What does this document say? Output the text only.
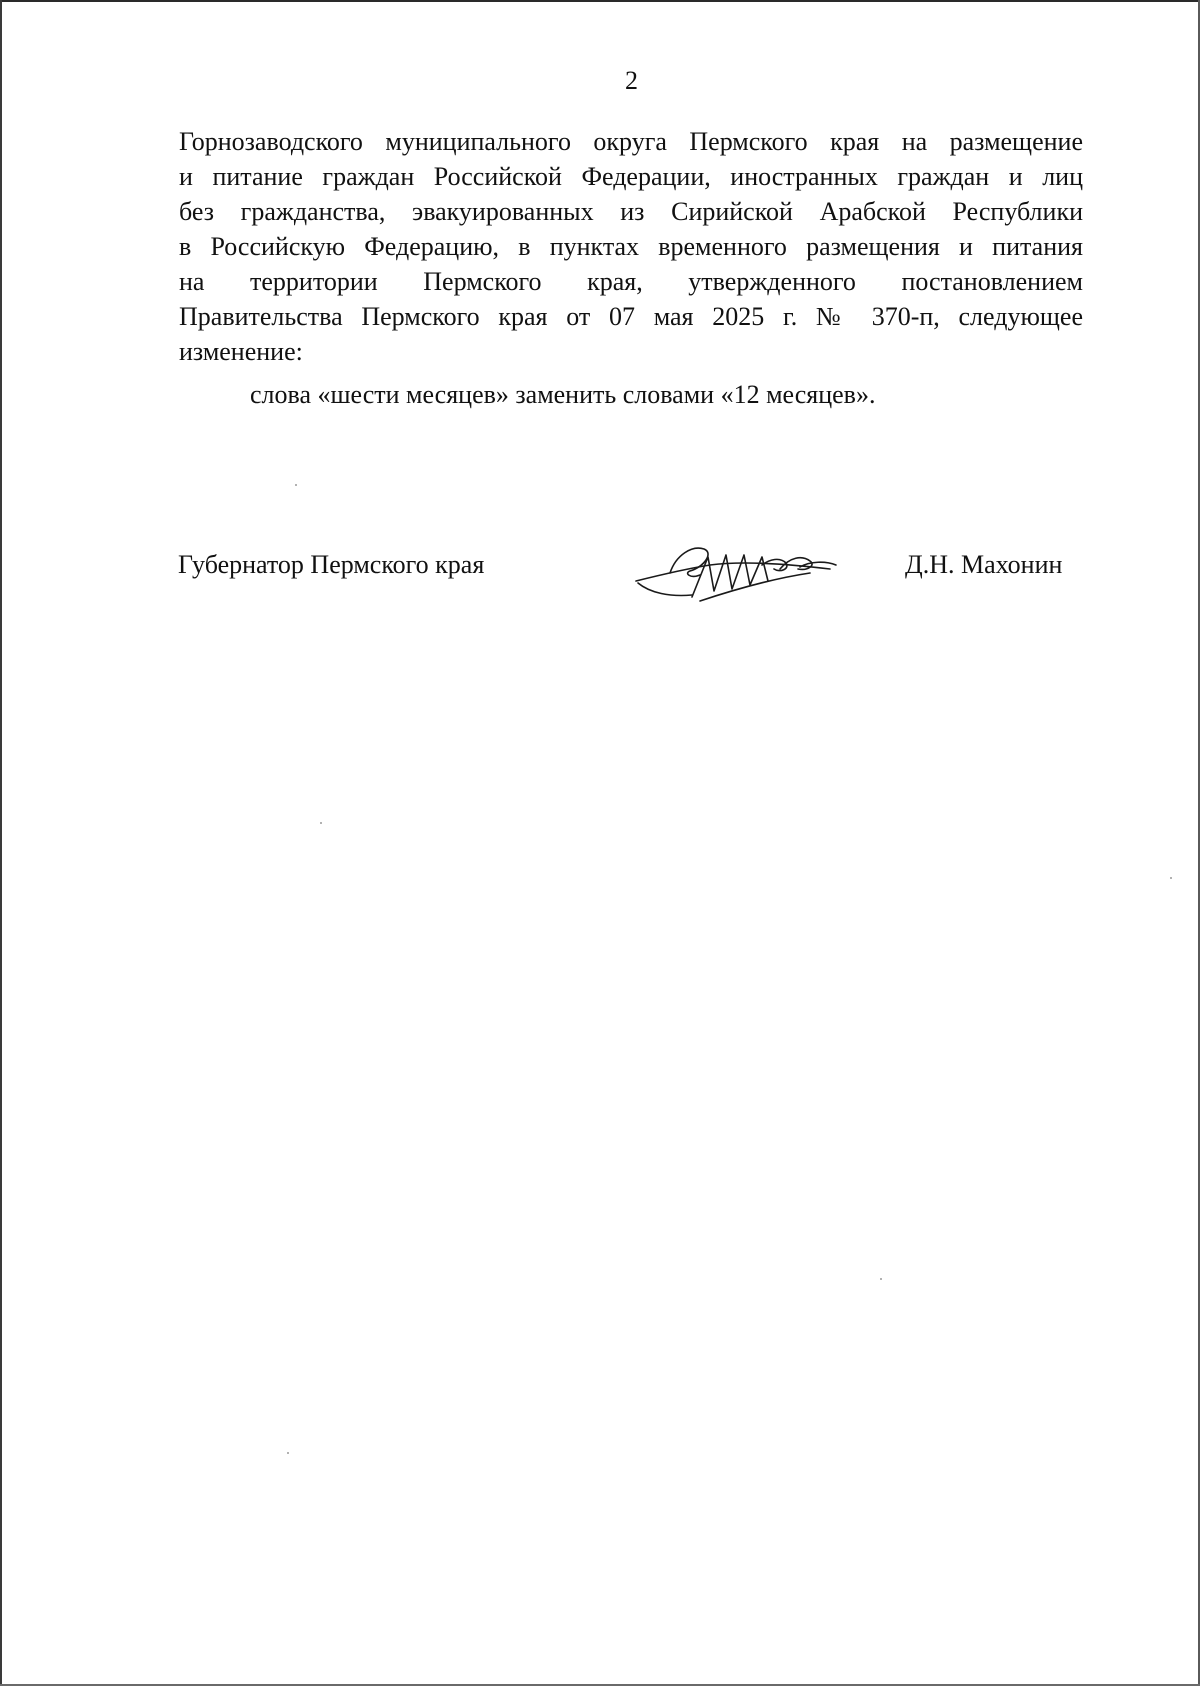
2
Горнозаводского муниципального округа Пермского края на размещение
и питание граждан Российской Федерации, иностранных граждан и лиц
без гражданства, эвакуированных из Сирийской Арабской Республики
в Российскую Федерацию, в пунктах временного размещения и питания
на территории Пермского края, утвержденного постановлением
Правительства Пермского края от 07 мая 2025 г. № 370-п, следующее
изменение:
слова «шести месяцев» заменить словами «12 месяцев».
Губернатор Пермского края	Д.Н. Махонин
